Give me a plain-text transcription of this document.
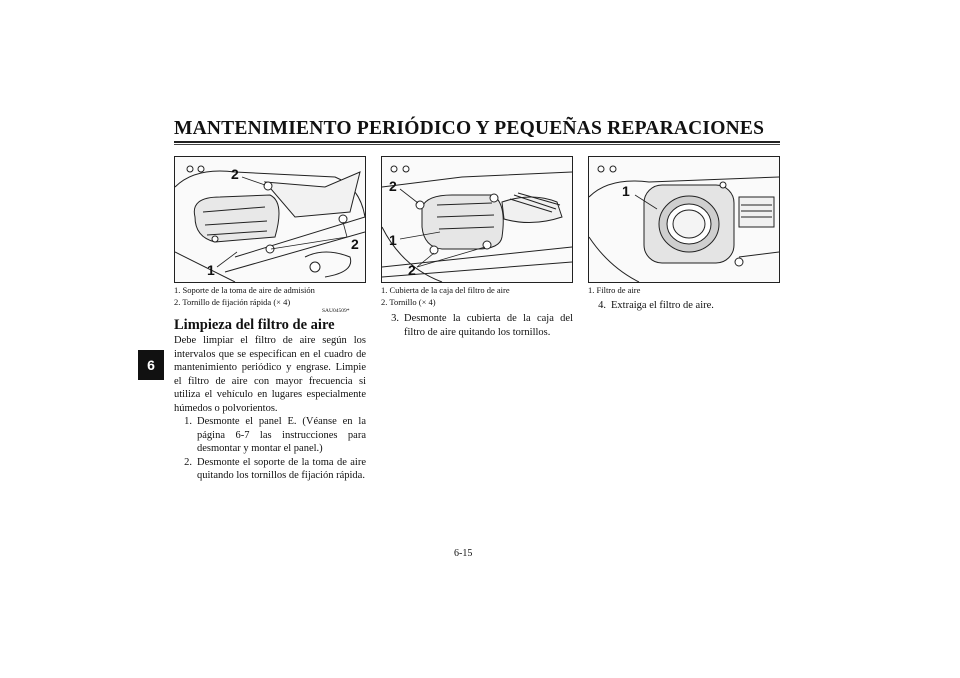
MANTENIMIENTO PERIÓDICO Y PEQUEÑAS REPARACIONES
6
2
2
1
2
1
2
1
1. Soporte de la toma de aire de admisión
2. Tornillo de fijación rápida (× 4)
1. Cubierta de la caja del filtro de aire
2. Tornillo (× 4)
1. Filtro de aire
SAU04509*
Limpieza del filtro de aire

Debe limpiar el filtro de aire según los intervalos que se especifican en el cuadro de mantenimiento periódico y engrase. Limpie el filtro de aire con mayor frecuencia si utiliza el vehículo en lugares especialmente húmedos o polvorientos.

1. Desmonte el panel E. (Véanse en la página 6-7 las instrucciones para desmontar y montar el panel.)
2. Desmonte el soporte de la toma de aire quitando los tornillos de fijación rápida.
3. Desmonte la cubierta de la caja del filtro de aire quitando los tornillos.
4. Extraiga el filtro de aire.
6-15
